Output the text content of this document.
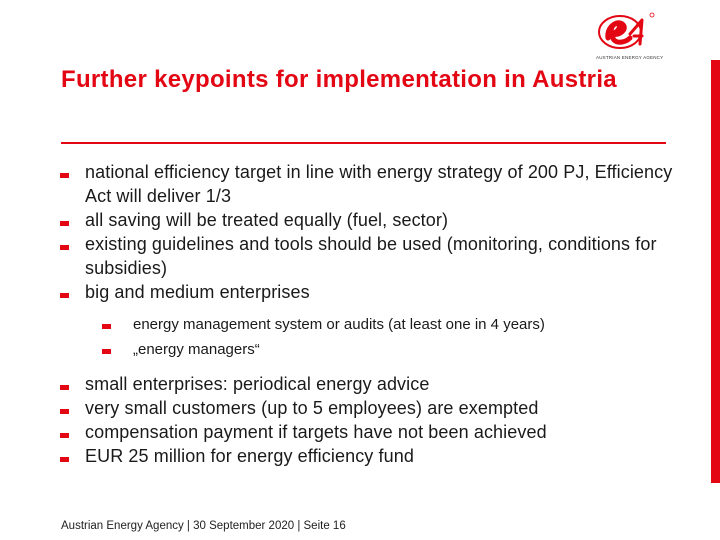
AUSTRIAN ENERGY AGENCY
Further keypoints for implementation in Austria
national efficiency target in line with energy strategy of 200 PJ, Efficiency Act will deliver 1/3
all saving will be treated equally (fuel, sector)
existing guidelines and tools should be used (monitoring, conditions for subsidies)
big and medium enterprises
energy management system or audits (at least one in 4 years)
„energy managers“
small enterprises: periodical energy advice
very small customers (up to 5 employees) are exempted
compensation payment if targets have not been achieved
EUR 25 million for energy efficiency fund
Austrian Energy Agency | 30 September 2020 | Seite 16
